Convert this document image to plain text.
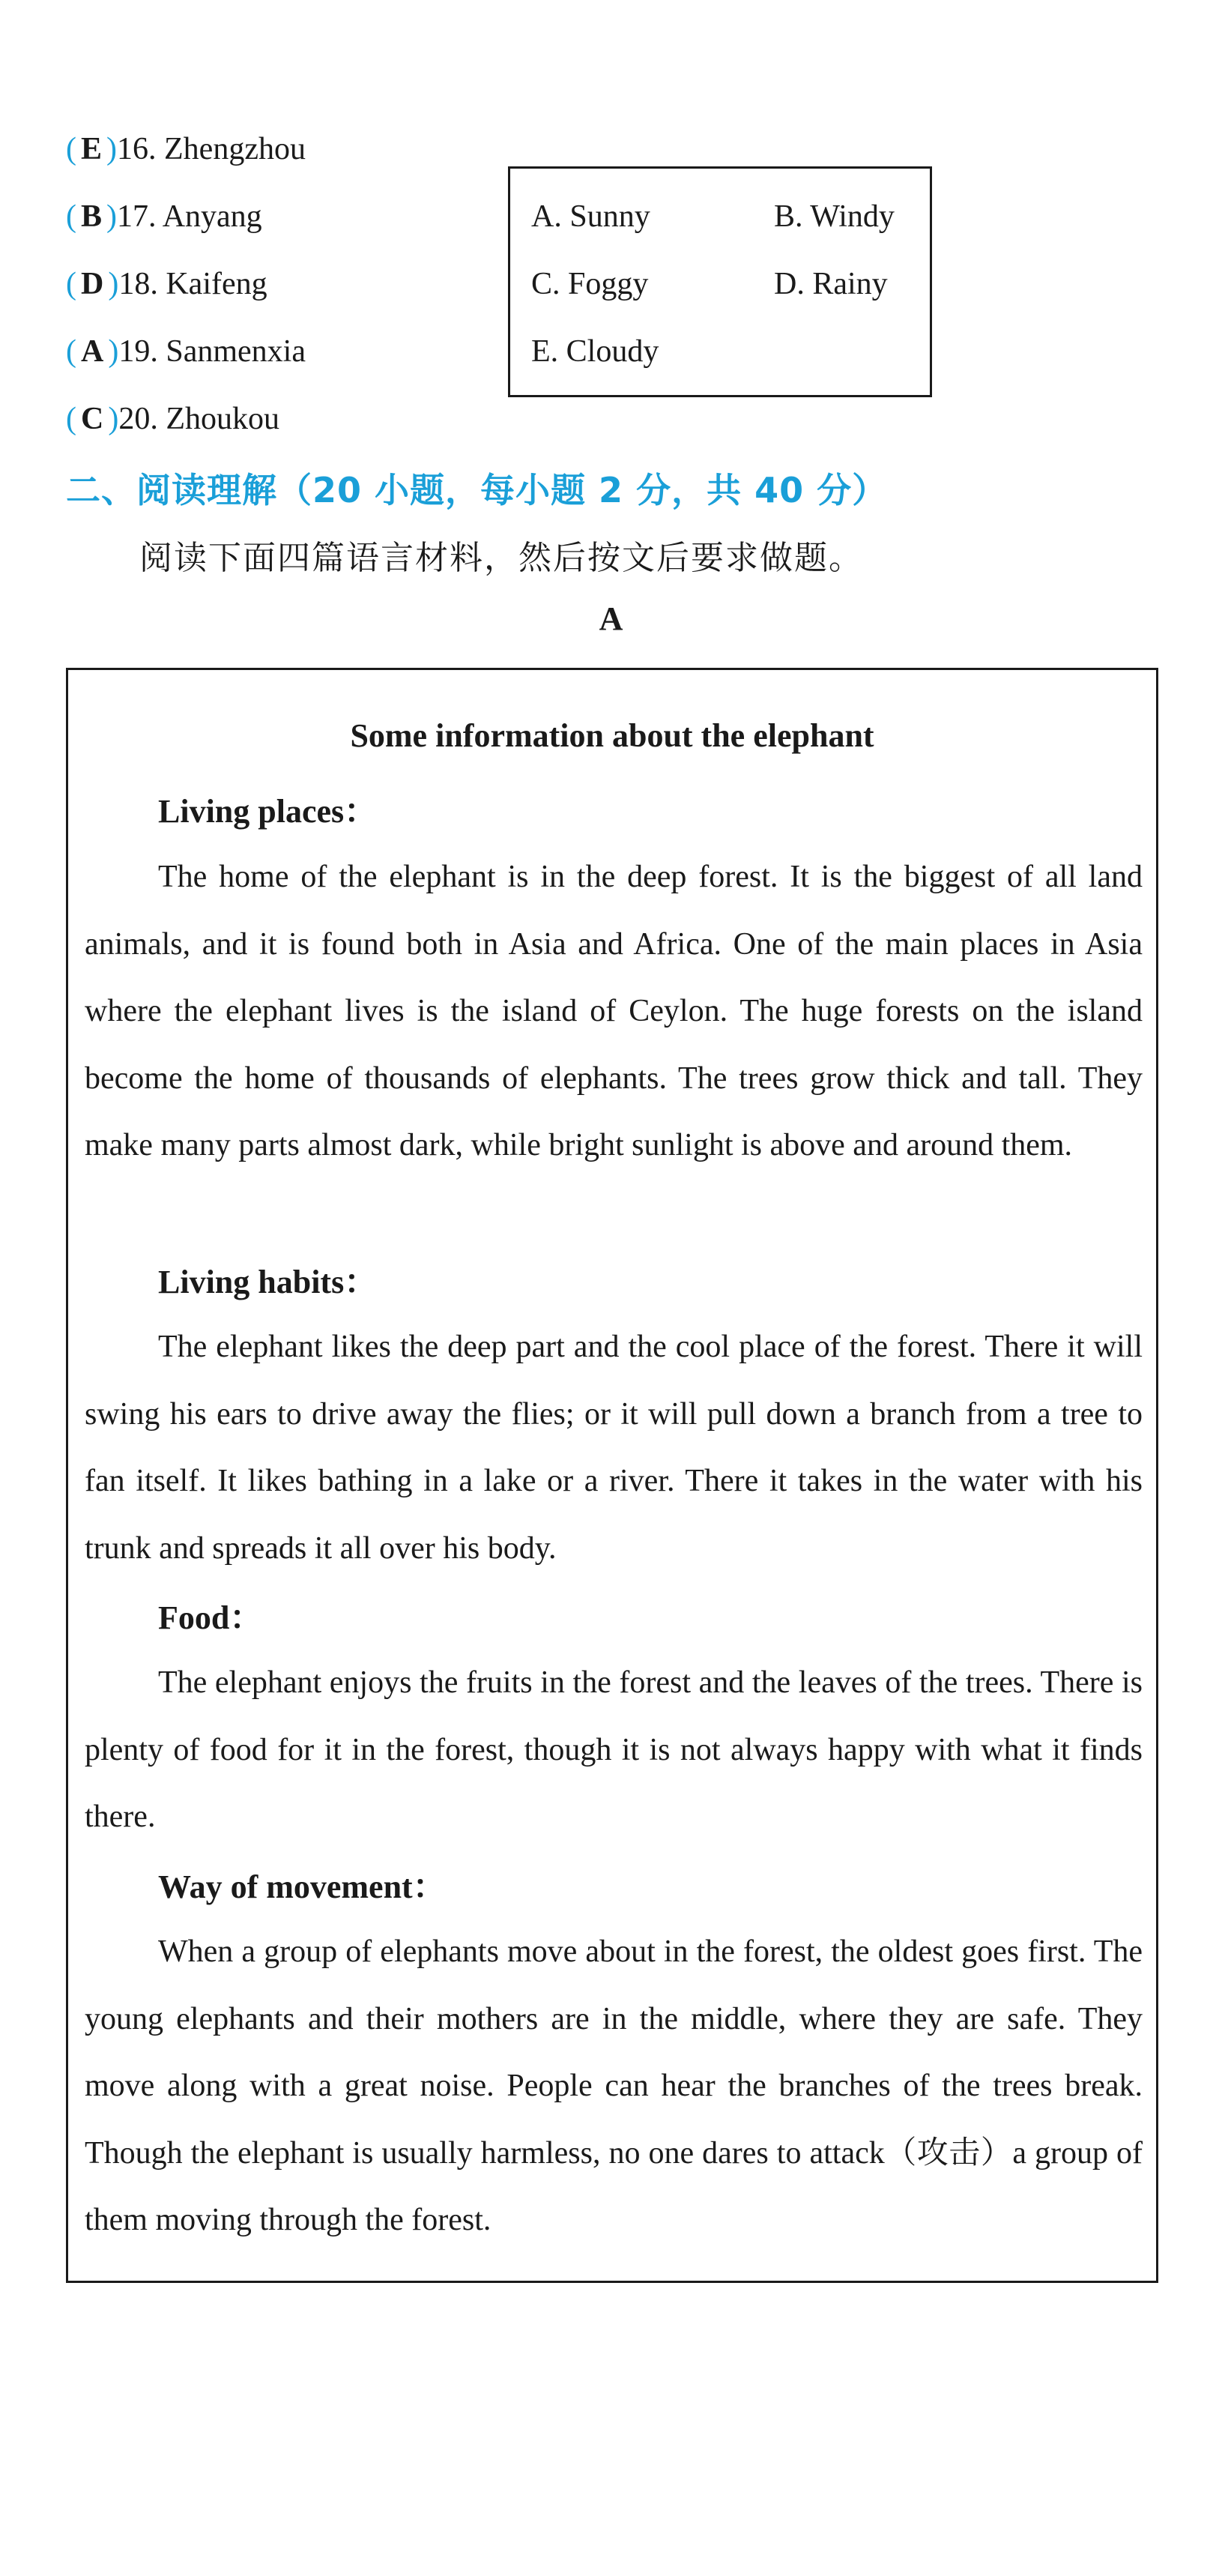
( E )16. Zhengzhou
( B )17. Anyang
( D )18. Kaifeng
( A )19. Sanmenxia
( C )20. Zhoukou
A. Sunny	B. Windy
C. Foggy	D. Rainy
E. Cloudy
二、阅读理解（20 小题，每小题 2 分，共 40 分）
阅读下面四篇语言材料，然后按文后要求做题。
A
Some information about the elephant
Living places：

The home of the elephant is in the deep forest. It is the biggest of all land animals, and it is found both in Asia and Africa. One of the main places in Asia where the elephant lives is the island of Ceylon. The huge forests on the island become the home of thousands of elephants. The trees grow thick and tall. They make many parts almost dark, while bright sunlight is above and around them.

Living habits：

The elephant likes the deep part and the cool place of the forest. There it will swing his ears to drive away the flies; or it will pull down a branch from a tree to fan itself. It likes bathing in a lake or a river. There it takes in the water with his trunk and spreads it all over his body.

Food：

The elephant enjoys the fruits in the forest and the leaves of the trees. There is plenty of food for it in the forest, though it is not always happy with what it finds there.

Way of movement：

When a group of elephants move about in the forest, the oldest goes first. The young elephants and their mothers are in the middle, where they are safe. They move along with a great noise. People can hear the branches of the trees break. Though the elephant is usually harmless, no one dares to attack（攻击）a group of them moving through the forest.
